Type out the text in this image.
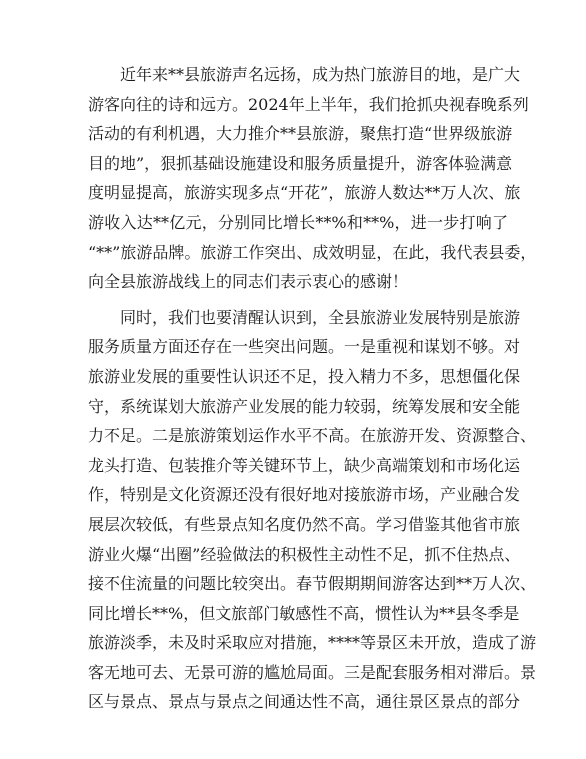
近年来**县旅游声名远扬，成为热门旅游目的地，是广大
游客向往的诗和远方。2024年上半年，我们抢抓央视春晚系列
活动的有利机遇，大力推介**县旅游，聚焦打造“世界级旅游
目的地”，狠抓基础设施建设和服务质量提升，游客体验满意
度明显提高，旅游实现多点“开花”，旅游人数达**万人次、旅
游收入达**亿元，分别同比增长**%和**%，进一步打响了
“**”旅游品牌。旅游工作突出、成效明显，在此，我代表县委，
向全县旅游战线上的同志们表示衷心的感谢！
同时，我们也要清醒认识到，全县旅游业发展特别是旅游
服务质量方面还存在一些突出问题。一是重视和谋划不够。对
旅游业发展的重要性认识还不足，投入精力不多，思想僵化保
守，系统谋划大旅游产业发展的能力较弱，统筹发展和安全能
力不足。二是旅游策划运作水平不高。在旅游开发、资源整合、
龙头打造、包装推介等关键环节上，缺少高端策划和市场化运
作，特别是文化资源还没有很好地对接旅游市场，产业融合发
展层次较低，有些景点知名度仍然不高。学习借鉴其他省市旅
游业火爆“出圈”经验做法的积极性主动性不足，抓不住热点、
接不住流量的问题比较突出。春节假期期间游客达到**万人次、
同比增长**%，但文旅部门敏感性不高，惯性认为**县冬季是
旅游淡季，未及时采取应对措施，****等景区未开放，造成了游
客无地可去、无景可游的尴尬局面。三是配套服务相对滞后。景
区与景点、景点与景点之间通达性不高，通往景区景点的部分
